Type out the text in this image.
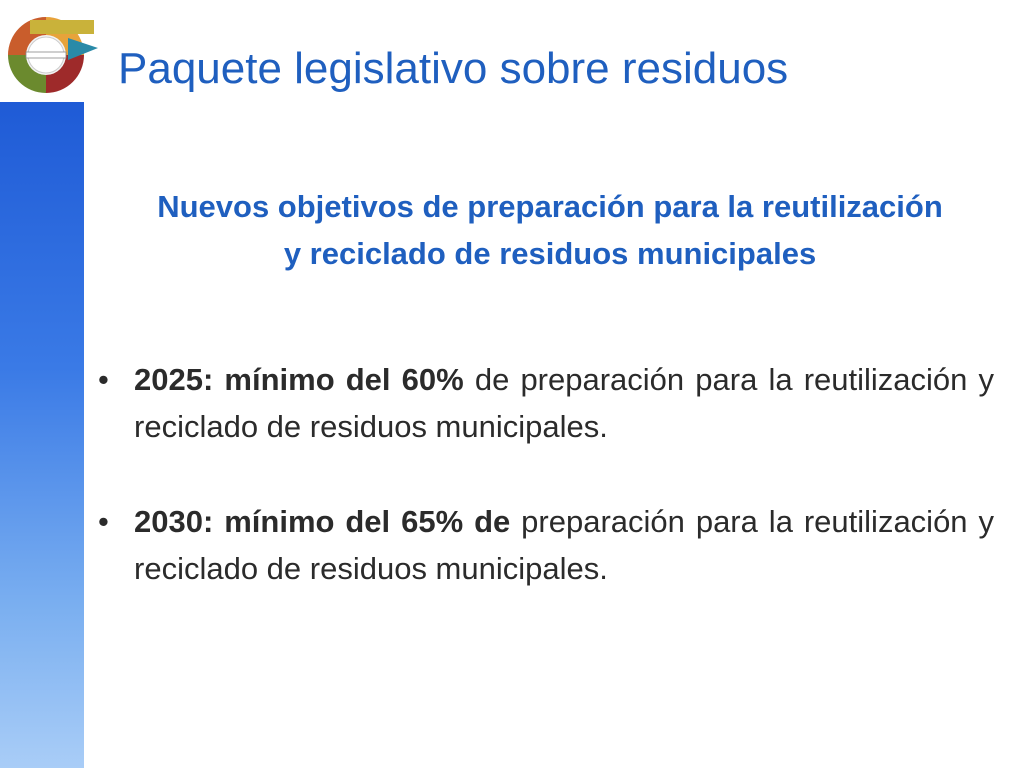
Paquete legislativo sobre residuos
Nuevos objetivos de preparación para la reutilización
y reciclado de residuos municipales
• 2025: mínimo del 60% de preparación para la reutilización y reciclado de residuos municipales.
• 2030: mínimo del 65% de preparación para la reutilización y reciclado de residuos municipales.
